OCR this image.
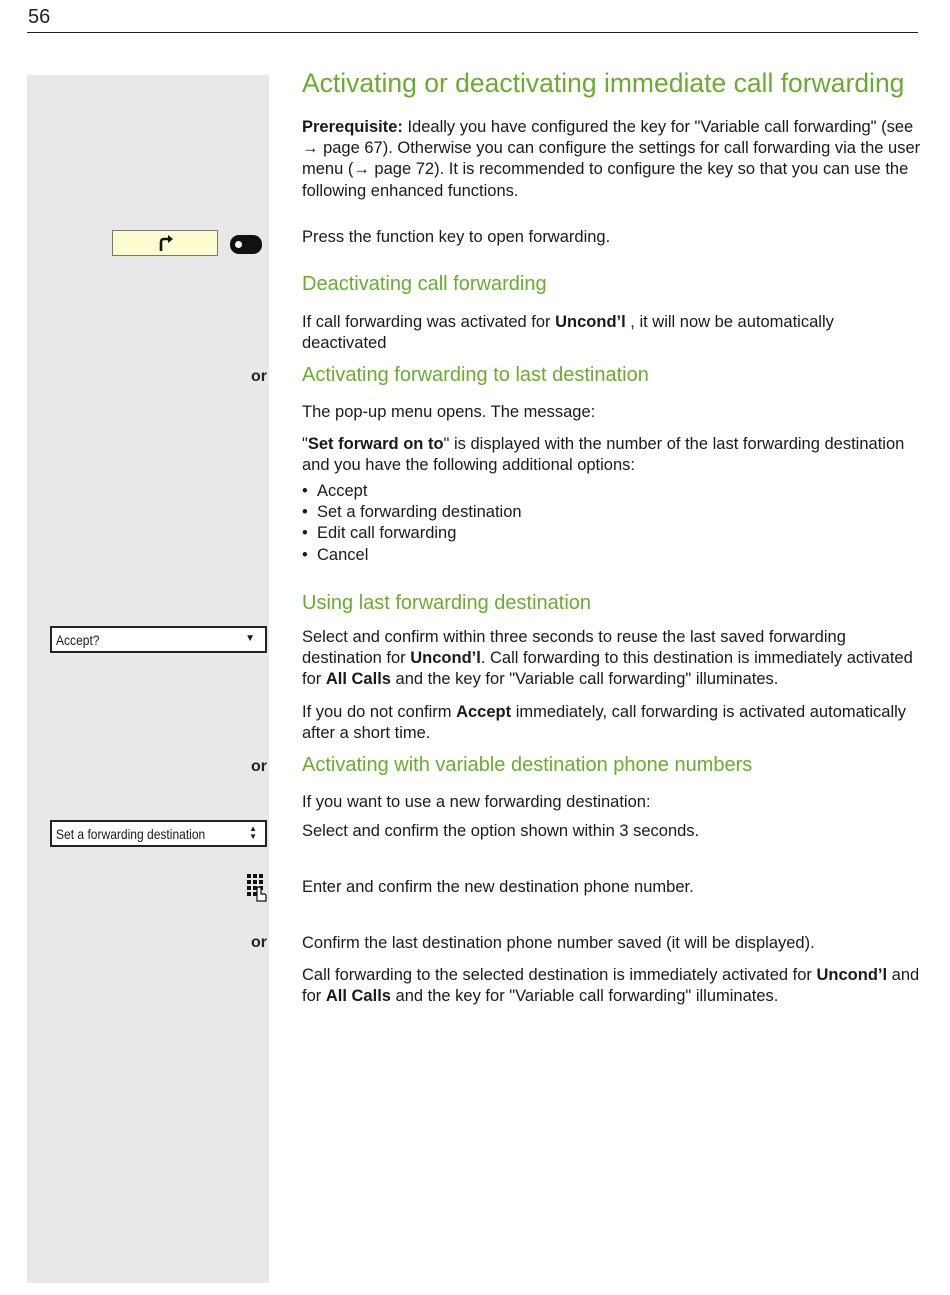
56
Activating or deactivating immediate call forwarding

Prerequisite: Ideally you have configured the key for "Variable call forwarding" (see → page 67). Otherwise you can configure the settings for call forwarding via the user menu (→ page 72). It is recommended to configure the key so that you can use the following enhanced functions.

Press the function key to open forwarding.

Deactivating call forwarding

If call forwarding was activated for Uncond’l , it will now be automatically deactivated

or Activating forwarding to last destination

The pop-up menu opens. The message:

"Set forward on to" is displayed with the number of the last forwarding destination and you have the following additional options:

• Accept
• Set a forwarding destination
• Edit call forwarding
• Cancel
Using last forwarding destination
Accept?	▼	Select and confirm within three seconds to reuse the last saved forwarding destination for Uncond’l. Call forwarding to this destination is immediately activated for All Calls and the key for "Variable call forwarding" illuminates.

If you do not confirm Accept immediately, call forwarding is activated automatically after a short time.

or Activating with variable destination phone numbers

If you want to use a new forwarding destination:

Set a forwarding destination	▲
▼	Select and confirm the option shown within 3 seconds.

Enter and confirm the new destination phone number.

or Confirm the last destination phone number saved (it will be displayed).

Call forwarding to the selected destination is immediately activated for Uncond’l and for All Calls and the key for "Variable call forwarding" illuminates.
